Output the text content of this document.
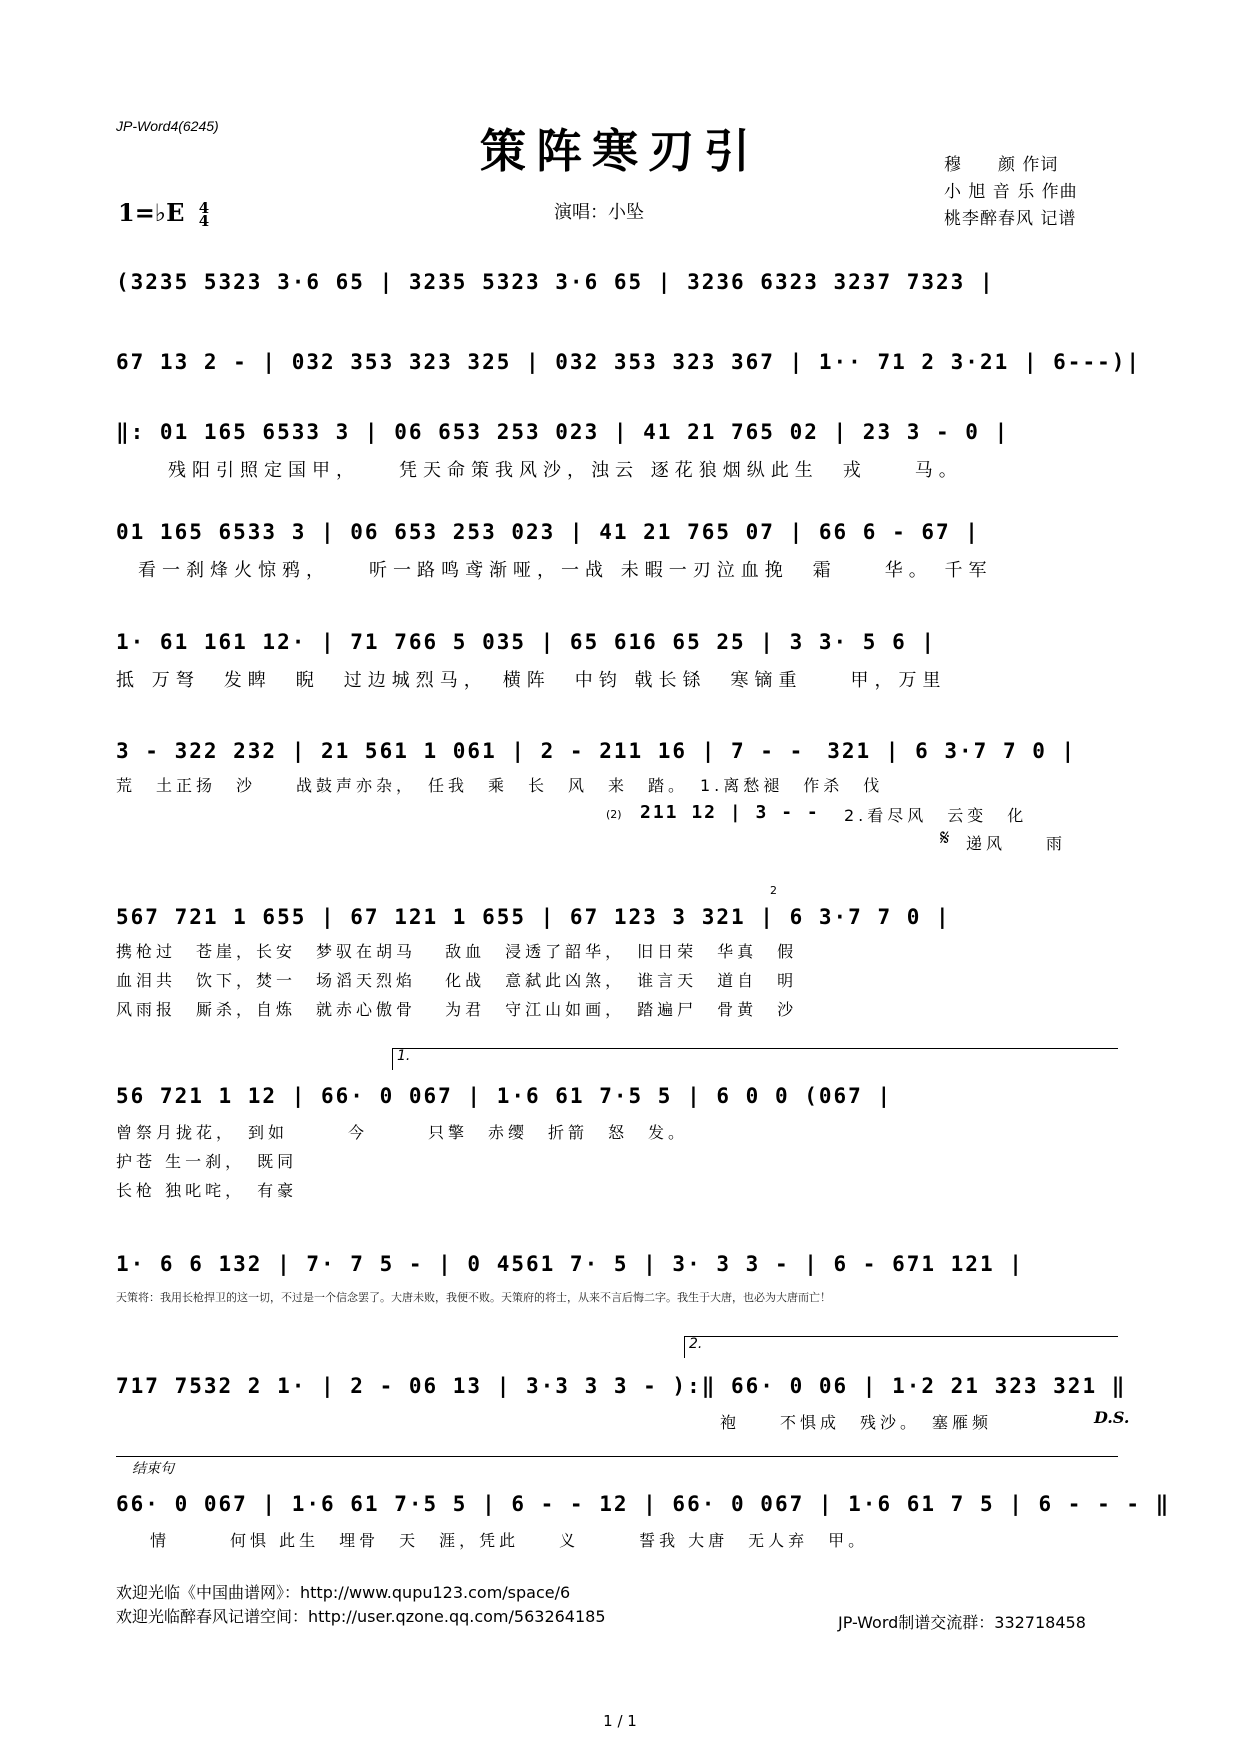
JP-Word4(6245)	策阵寒刃引
1=♭E 4
4	演唱：小坠
穆　　颜 作词
小 旭 音 乐 作曲
桃李醉春风 记谱
(3235 5323 3·6 65 | 3235 5323 3·6 65 | 3236 6323 3237 7323 |
67 13 2 - | 032 353 323 325 | 032 353 323 367 | 1·· 71 2 3·21 | 6---)|
‖: 01 165 6533 3 | 06 653 253 023 | 41 21 765 02 | 23 3 - 0 |
残阳引照定国甲，　　凭天命策我风沙，浊云 逐花狼烟纵此生　戎　　马。
01 165 6533 3 | 06 653 253 023 | 41 21 765 07 | 66 6 - 67 |
看一刹烽火惊鸦，　　听一路鸣鸢渐哑，一战 未暇一刃泣血挽　霜　　华。 千军
1· 61 161 12· | 71 766 5 035 | 65 616 65 25 | 3 3· 5 6 |
抵 万弩　发睥　睨　过边城烈马，　横阵　中钧 戟长铩　寒镝重　　甲，万里
3 - 322 232 | 21 561 1 061 | 2 - 211 16 | 7 - -　321 | 6 3·7 7 0 |
荒　土正扬　沙　　战鼓声亦杂，　任我　乘　长　风　来　踏。　1.离愁褪　作杀　伐
(2) 211 12 | 3 - - 2.看尽风　云变　化
𝄋 递风　　雨
567 721 1 655 | 67 121 1 655 | 67 123 3 321 | 6 3·7 7 0 |
2
携枪过　苍崖，长安　梦驭在胡马　 敌血　浸透了韶华，　旧日荣　华真　假
血泪共　饮下，焚一　场滔天烈焰　 化战　意弑此凶煞，　谁言天　道自　明
风雨报　厮杀，自炼　就赤心傲骨　 为君　守江山如画，　踏遍尸　骨黄　沙
1.
56 721 1 12 | 66· 0 067 | 1·6 61 7·5 5 | 6 0 0 (067 |
曾祭月拢花，　到如　　　今　　　只擎　赤缨　折箭　怒　发。
护苍 生一刹，　既同
长枪 独叱咤，　有豪
1· 6 6 132 | 7· 7 5 - | 0 4561 7· 5 | 3· 3 3 - | 6 - 671 121 |
天策将：我用长枪捍卫的这一切，不过是一个信念罢了。大唐未败，我便不败。天策府的将士，从来不言后悔二字。我生于大唐，也必为大唐而亡！
2.
717 7532 2 1· | 2 - 06 13 | 3·3 3 3 - ):‖ 66· 0 06 | 1·2 21 323 321 ‖
袍　　不惧成　残沙。　塞雁频	D.S.
结束句
66· 0 067 | 1·6 61 7·5 5 | 6 - - 12 | 66· 0 067 | 1·6 61 7 5 | 6 - - - ‖
情　　　何惧 此生　埋骨　天　涯，凭此　　义　　　誓我 大唐　无人弃　甲。
欢迎光临《中国曲谱网》：http://www.qupu123.com/space/6
欢迎光临醉春风记谱空间：http://user.qzone.qq.com/563264185	JP-Word制谱交流群：332718458
1 / 1
